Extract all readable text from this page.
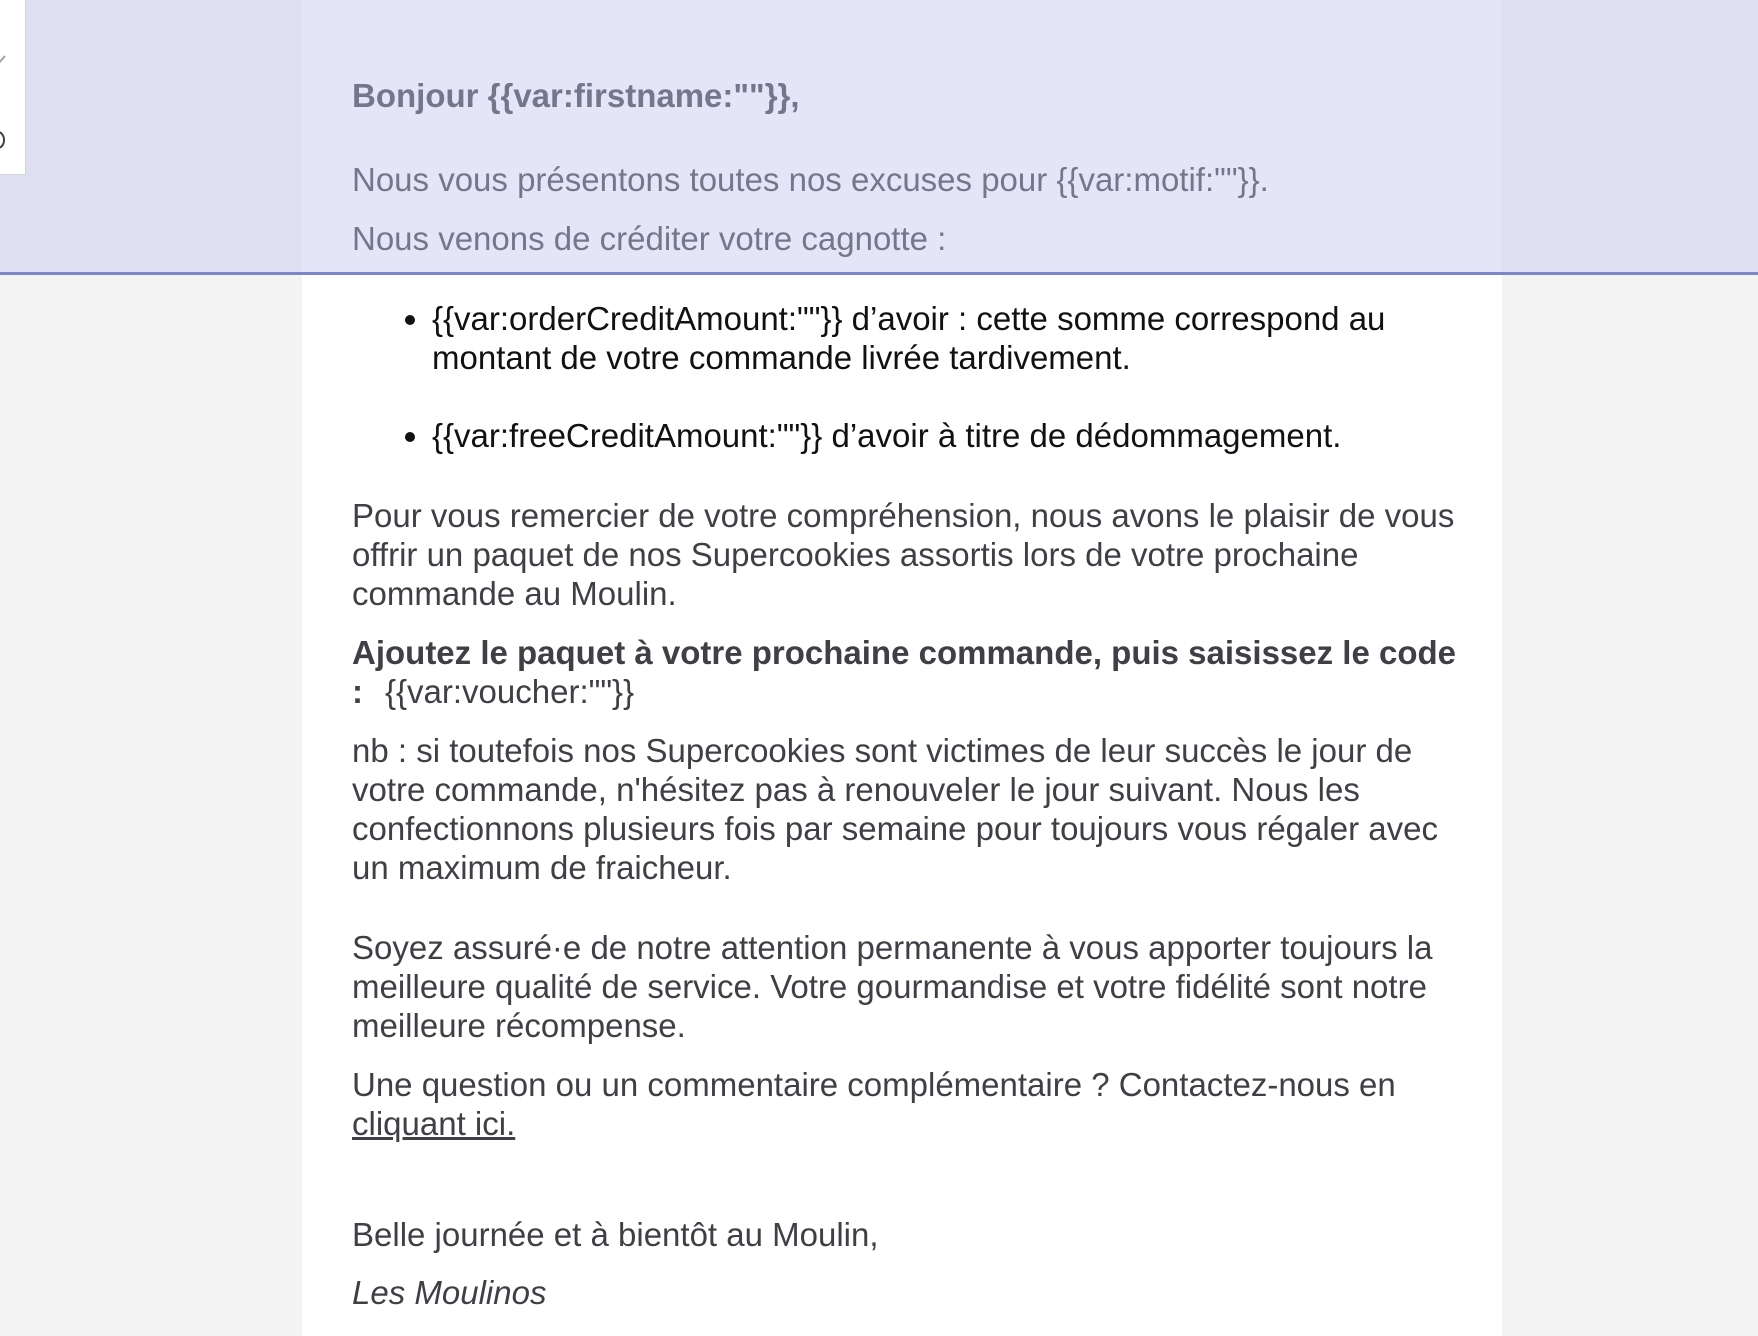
Bonjour {{var:firstname:""}},

Nous vous présentons toutes nos excuses pour {{var:motif:""}}.

Nous venons de créditer votre cagnotte :

• {{var:orderCreditAmount:""}} d’avoir : cette somme correspond au montant de votre commande livrée tardivement.
• {{var:freeCreditAmount:""}} d’avoir à titre de dédommagement.

Pour vous remercier de votre compréhension, nous avons le plaisir de vous offrir un paquet de nos Supercookies assortis lors de votre prochaine commande au Moulin.

Ajoutez le paquet à votre prochaine commande, puis saisissez le code : {{var:voucher:""}}

nb : si toutefois nos Supercookies sont victimes de leur succès le jour de votre commande, n'hésitez pas à renouveler le jour suivant. Nous les confectionnons plusieurs fois par semaine pour toujours vous régaler avec un maximum de fraicheur.

Soyez assuré·e de notre attention permanente à vous apporter toujours la meilleure qualité de service. Votre gourmandise et votre fidélité sont notre meilleure récompense.

Une question ou un commentaire complémentaire ? Contactez-nous en cliquant ici.

Belle journée et à bientôt au Moulin,

Les Moulinos
